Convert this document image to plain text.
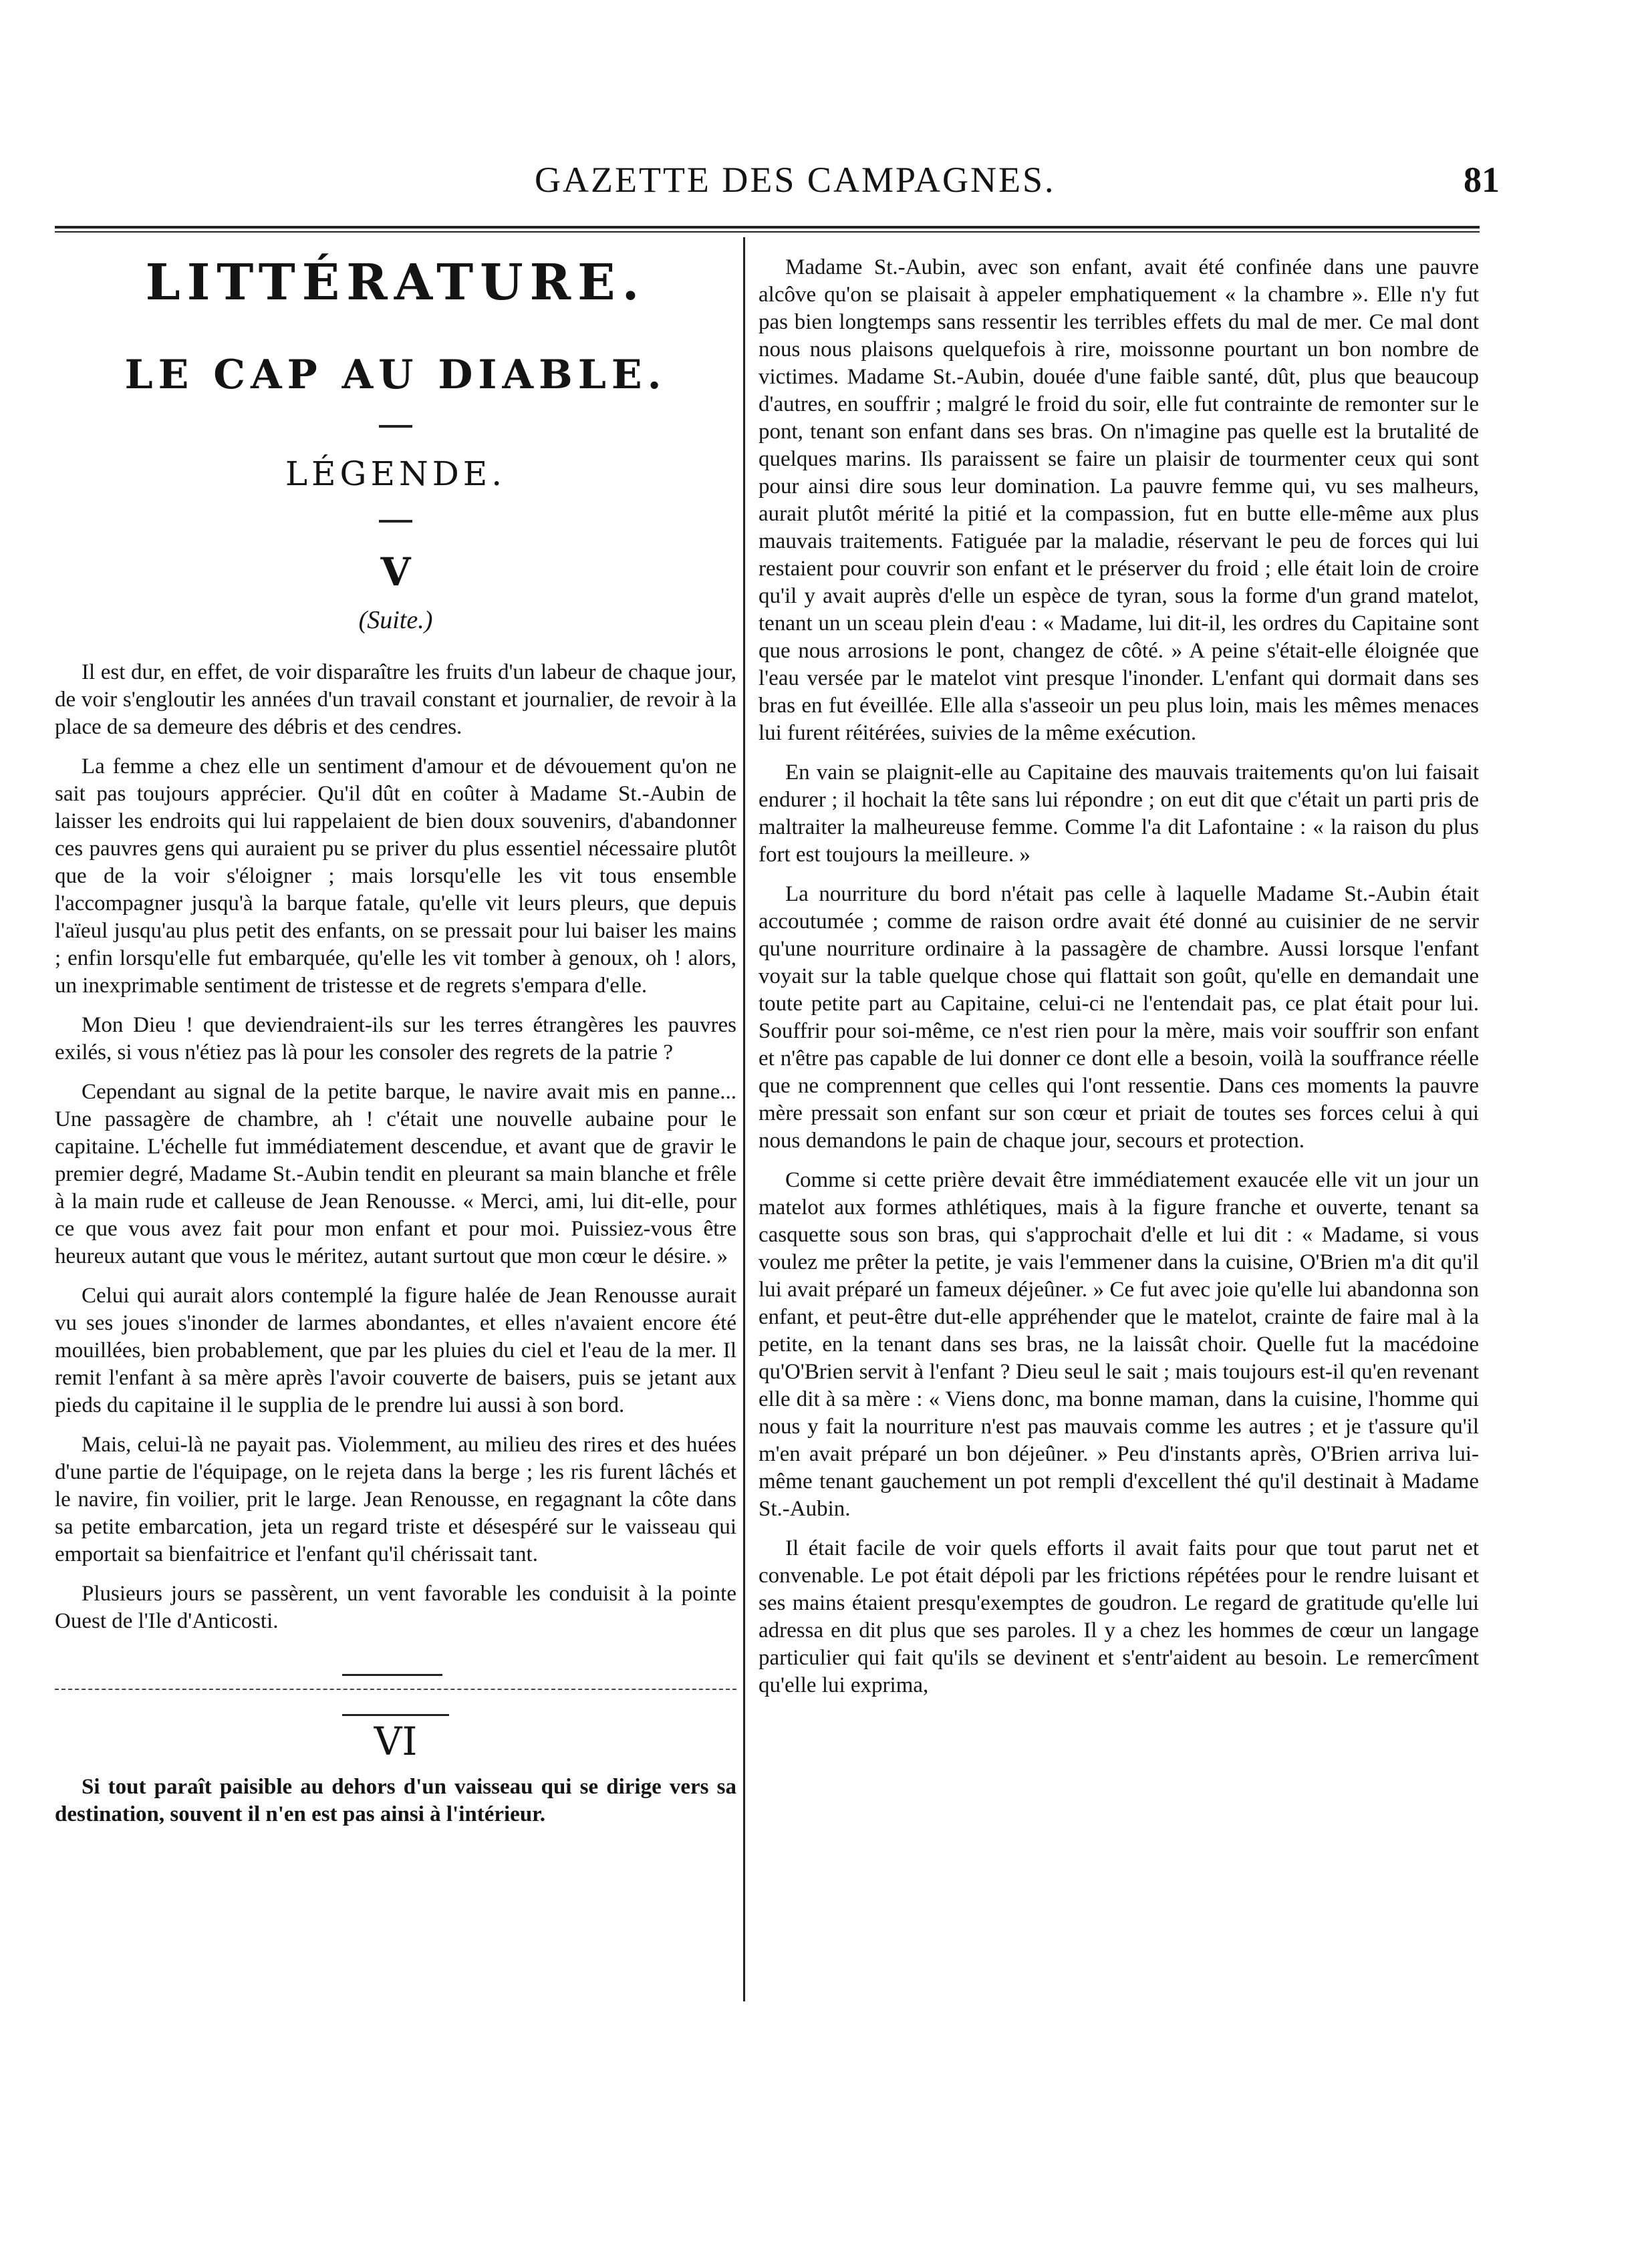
GAZETTE DES CAMPAGNES.	81
LITTÉRATURE.
LE CAP AU DIABLE.
LÉGENDE.
V
(Suite.)

Il est dur, en effet, de voir disparaître les fruits d'un labeur de chaque jour, de voir s'engloutir les années d'un travail constant et journalier, de revoir à la place de sa demeure des débris et des cendres.

La femme a chez elle un sentiment d'amour et de dévouement qu'on ne sait pas toujours apprécier. Qu'il dût en coûter à Madame St.-Aubin de laisser les endroits qui lui rappelaient de bien doux souvenirs, d'abandonner ces pauvres gens qui auraient pu se priver du plus essentiel nécessaire plutôt que de la voir s'éloigner ; mais lorsqu'elle les vit tous ensemble l'accompagner jusqu'à la barque fatale, qu'elle vit leurs pleurs, que depuis l'aïeul jusqu'au plus petit des enfants, on se pressait pour lui baiser les mains ; enfin lorsqu'elle fut embarquée, qu'elle les vit tomber à genoux, oh ! alors, un inexprimable sentiment de tristesse et de regrets s'empara d'elle.

Mon Dieu ! que deviendraient-ils sur les terres étrangères les pauvres exilés, si vous n'étiez pas là pour les consoler des regrets de la patrie ?

Cependant au signal de la petite barque, le navire avait mis en panne... Une passagère de chambre, ah ! c'était une nouvelle aubaine pour le capitaine. L'échelle fut immédiatement descendue, et avant que de gravir le premier degré, Madame St.-Aubin tendit en pleurant sa main blanche et frêle à la main rude et calleuse de Jean Renousse. « Merci, ami, lui dit-elle, pour ce que vous avez fait pour mon enfant et pour moi. Puissiez-vous être heureux autant que vous le méritez, autant surtout que mon cœur le désire. »

Celui qui aurait alors contemplé la figure halée de Jean Renousse aurait vu ses joues s'inonder de larmes abondantes, et elles n'avaient encore été mouillées, bien probablement, que par les pluies du ciel et l'eau de la mer. Il remit l'enfant à sa mère après l'avoir couverte de baisers, puis se jetant aux pieds du capitaine il le supplia de le prendre lui aussi à son bord.

Mais, celui-là ne payait pas. Violemment, au milieu des rires et des huées d'une partie de l'équipage, on le rejeta dans la berge ; les ris furent lâchés et le navire, fin voilier, prit le large. Jean Renousse, en regagnant la côte dans sa petite embarcation, jeta un regard triste et désespéré sur le vaisseau qui emportait sa bienfaitrice et l'enfant qu'il chérissait tant.

Plusieurs jours se passèrent, un vent favorable les conduisit à la pointe Ouest de l'Ile d'Anticosti.

VI

Si tout paraît paisible au dehors d'un vaisseau qui se dirige vers sa destination, souvent il n'en est pas ainsi à l'intérieur.

Madame St.-Aubin, avec son enfant, avait été confinée dans une pauvre alcôve qu'on se plaisait à appeler emphatiquement « la chambre ». Elle n'y fut pas bien longtemps sans ressentir les terribles effets du mal de mer. Ce mal dont nous nous plaisons quelquefois à rire, moissonne pourtant un bon nombre de victimes. Madame St.-Aubin, douée d'une faible santé, dût, plus que beaucoup d'autres, en souffrir ; malgré le froid du soir, elle fut contrainte de remonter sur le pont, tenant son enfant dans ses bras. On n'imagine pas quelle est la brutalité de quelques marins. Ils paraissent se faire un plaisir de tourmenter ceux qui sont pour ainsi dire sous leur domination. La pauvre femme qui, vu ses malheurs, aurait plutôt mérité la pitié et la compassion, fut en butte elle-même aux plus mauvais traitements. Fatiguée par la maladie, réservant le peu de forces qui lui restaient pour couvrir son enfant et le préserver du froid ; elle était loin de croire qu'il y avait auprès d'elle un espèce de tyran, sous la forme d'un grand matelot, tenant un un sceau plein d'eau : « Madame, lui dit-il, les ordres du Capitaine sont que nous arrosions le pont, changez de côté. » A peine s'était-elle éloignée que l'eau versée par le matelot vint presque l'inonder. L'enfant qui dormait dans ses bras en fut éveillée. Elle alla s'asseoir un peu plus loin, mais les mêmes menaces lui furent réitérées, suivies de la même exécution.

En vain se plaignit-elle au Capitaine des mauvais traitements qu'on lui faisait endurer ; il hochait la tête sans lui répondre ; on eut dit que c'était un parti pris de maltraiter la malheureuse femme. Comme l'a dit Lafontaine : « la raison du plus fort est toujours la meilleure. »

La nourriture du bord n'était pas celle à laquelle Madame St.-Aubin était accoutumée ; comme de raison ordre avait été donné au cuisinier de ne servir qu'une nourriture ordinaire à la passagère de chambre. Aussi lorsque l'enfant voyait sur la table quelque chose qui flattait son goût, qu'elle en demandait une toute petite part au Capitaine, celui-ci ne l'entendait pas, ce plat était pour lui. Souffrir pour soi-même, ce n'est rien pour la mère, mais voir souffrir son enfant et n'être pas capable de lui donner ce dont elle a besoin, voilà la souffrance réelle que ne comprennent que celles qui l'ont ressentie. Dans ces moments la pauvre mère pressait son enfant sur son cœur et priait de toutes ses forces celui à qui nous demandons le pain de chaque jour, secours et protection.

Comme si cette prière devait être immédiatement exaucée elle vit un jour un matelot aux formes athlétiques, mais à la figure franche et ouverte, tenant sa casquette sous son bras, qui s'approchait d'elle et lui dit : « Madame, si vous voulez me prêter la petite, je vais l'emmener dans la cuisine, O'Brien m'a dit qu'il lui avait préparé un fameux déjeûner. » Ce fut avec joie qu'elle lui abandonna son enfant, et peut-être dut-elle appréhender que le matelot, crainte de faire mal à la petite, en la tenant dans ses bras, ne la laissât choir. Quelle fut la macédoine qu'O'Brien servit à l'enfant ? Dieu seul le sait ; mais toujours est-il qu'en revenant elle dit à sa mère : « Viens donc, ma bonne maman, dans la cuisine, l'homme qui nous y fait la nourriture n'est pas mauvais comme les autres ; et je t'assure qu'il m'en avait préparé un bon déjeûner. » Peu d'instants après, O'Brien arriva lui-même tenant gauchement un pot rempli d'excellent thé qu'il destinait à Madame St.-Aubin.

Il était facile de voir quels efforts il avait faits pour que tout parut net et convenable. Le pot était dépoli par les frictions répétées pour le rendre luisant et ses mains étaient presqu'exemptes de goudron. Le regard de gratitude qu'elle lui adressa en dit plus que ses paroles. Il y a chez les hommes de cœur un langage particulier qui fait qu'ils se devinent et s'entr'aident au besoin. Le remercîment qu'elle lui exprima,
